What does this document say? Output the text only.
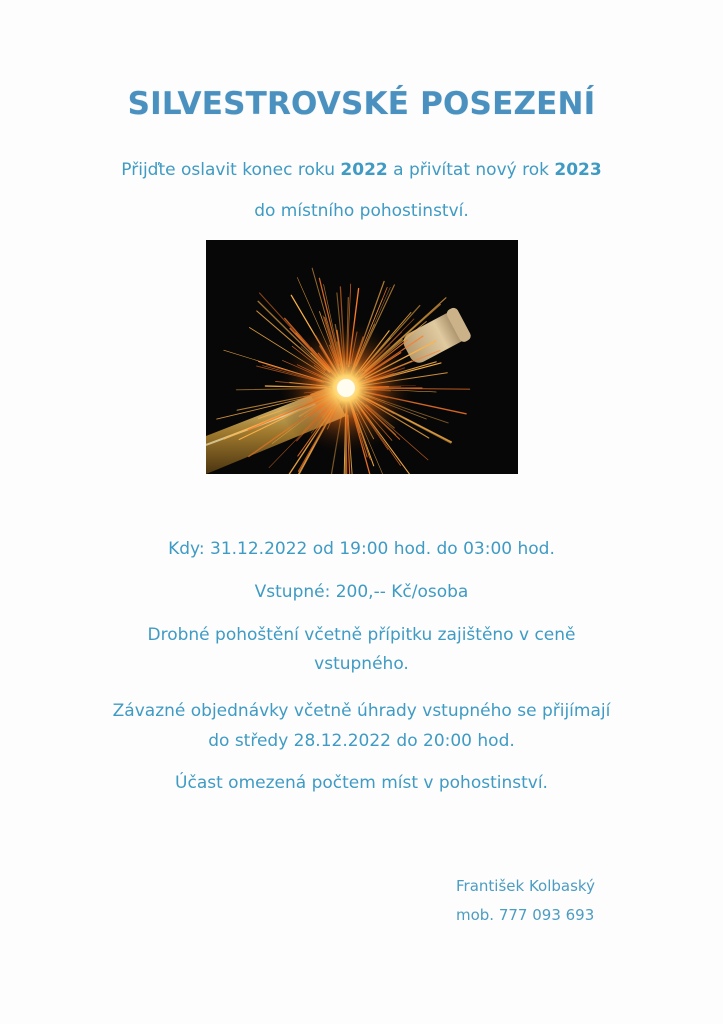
SILVESTROVSKÉ POSEZENÍ

Přijďte oslavit konec roku 2022 a přivítat nový rok 2023

do místního pohostinství.

Kdy: 31.12.2022 od 19:00 hod. do 03:00 hod.

Vstupné: 200,-- Kč/osoba

Drobné pohoštění včetně přípitku zajištěno v ceně

vstupného.

Závazné objednávky včetně úhrady vstupného se přijímají

do středy 28.12.2022 do 20:00 hod.

Účast omezená počtem míst v pohostinství.

František Kolbaský

mob. 777 093 693
